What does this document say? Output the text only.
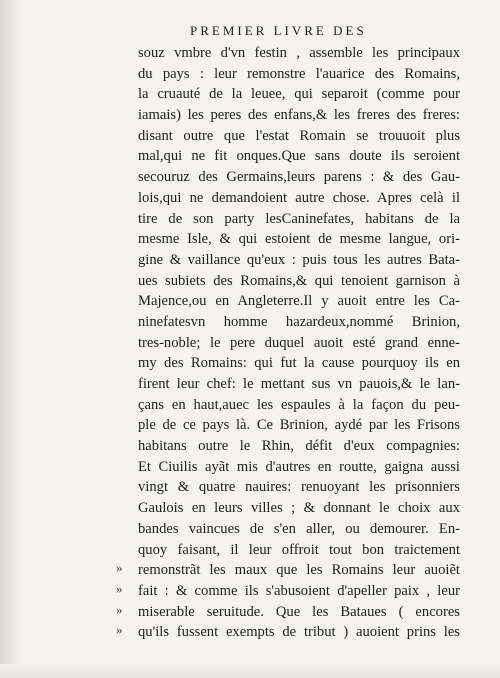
PREMIER LIVRE DES
souz vmbre d'vn festin , assemble les principaux
du pays : leur remonstre l'auarice des Romains,
la cruauté de la leuee, qui separoit (comme pour
iamais) les peres des enfans,& les freres des freres:
disant outre que l'estat Romain se trouuoit plus
mal,qui ne fit onques.Que sans doute ils seroient
secouruz des Germains,leurs parens : & des Gau-
lois,qui ne demandoient autre chose. Apres celà il
tire de son party lesCaninefates, habitans de la
mesme Isle, & qui estoient de mesme langue, ori-
gine & vaillance qu'eux : puis tous les autres Bata-
ues subiets des Romains,& qui tenoient garnison à
Majence,ou en Angleterre.Il y auoit entre les Ca-
ninefatesvn homme hazardeux,nommé Brinion,
tres-noble; le pere duquel auoit esté grand enne-
my des Romains: qui fut la cause pourquoy ils en
firent leur chef: le mettant sus vn pauois,& le lan-
çans en haut,auec les espaules à la façon du peu-
ple de ce pays là. Ce Brinion, aydé par les Frisons
habitans outre le Rhin, défit d'eux compagnies:
Et Ciuilis ayãt mis d'autres en routte, gaigna aussi
vingt & quatre nauires: renuoyant les prisonniers
Gaulois en leurs villes ; & donnant le choix aux
bandes vaincues de s'en aller, ou demourer. En-
quoy faisant, il leur offroit tout bon traictement
» remonstrãt les maux que les Romains leur auoiẽt
» fait : & comme ils s'abusoient d'apeller paix , leur
» miserable seruitude. Que les Bataues ( encores
» qu'ils fussent exempts de tribut ) auoient prins les
